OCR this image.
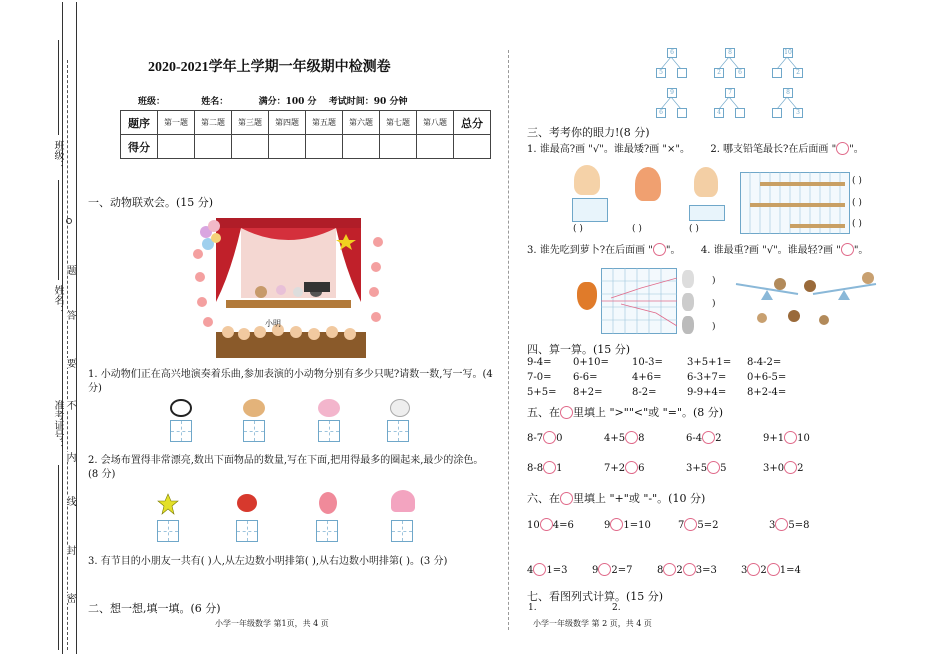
班级：
姓名：
准考证号：
密
封
线
内
不
要
答
题
2020-2021学年上学期一年级期中检测卷
班级：	姓名：	满分：100 分 考试时间：90 分钟
题序	第一题	第二题	第三题	第四题	第五题	第六题	第七题	第八题	总分
得分									
一、动物联欢会。(15 分)
小明
1. 小动物们正在高兴地演奏着乐曲,参加表演的小动物分别有多少只呢?请数一数,写一写。(4 分)
2. 会场布置得非常漂亮,数出下面物品的数量,写在下面,把用得最多的圈起来,最少的涂色。(8 分)
3. 有节目的小朋友一共有( )人,从左边数小明排第( ),从右边数小明排第( )。(3 分)
二、想一想,填一填。(6 分)
小学一年级数学 第1页，共 4 页
6
5
8
2	6
10
2
9
6
7
4
8
3
三、考考你的眼力!(8 分)
1. 谁最高?画 "√"。谁最矮?画 "×"。 2. 哪支铅笔最长?在后面画 "○"。
( )	( )	( )
( )
( )
( )
3. 谁先吃到萝卜?在后面画 "○"。 4. 谁最重?画 "√"。谁最轻?画 "○"。
)
)
)
四、算一算。(15 分)
9-4= 0+10= 10-3= 3+5+1= 8-4-2=
7-0= 6-6=	4+6=	6-3+7= 0+6-5=
5+5= 8+2=	8-2=	9-9+4= 8+2-4=
五、在○里填上 ">""<"或 "="。(8 分)
8-7 0	4+5 8	6-4 2	9+1 10
8-8 1	7+2 6	3+5 5	3+0 2
六、在○里填上 "+"或 "-"。(10 分)
10 4=6	9 1=10	7 5=2	3 5=8
4 1=3 9 2=7 8 2 3=3 3 2 1=4
七、看图列式计算。(15 分)
1.	2.
小学一年级数学 第 2 页，共 4 页
